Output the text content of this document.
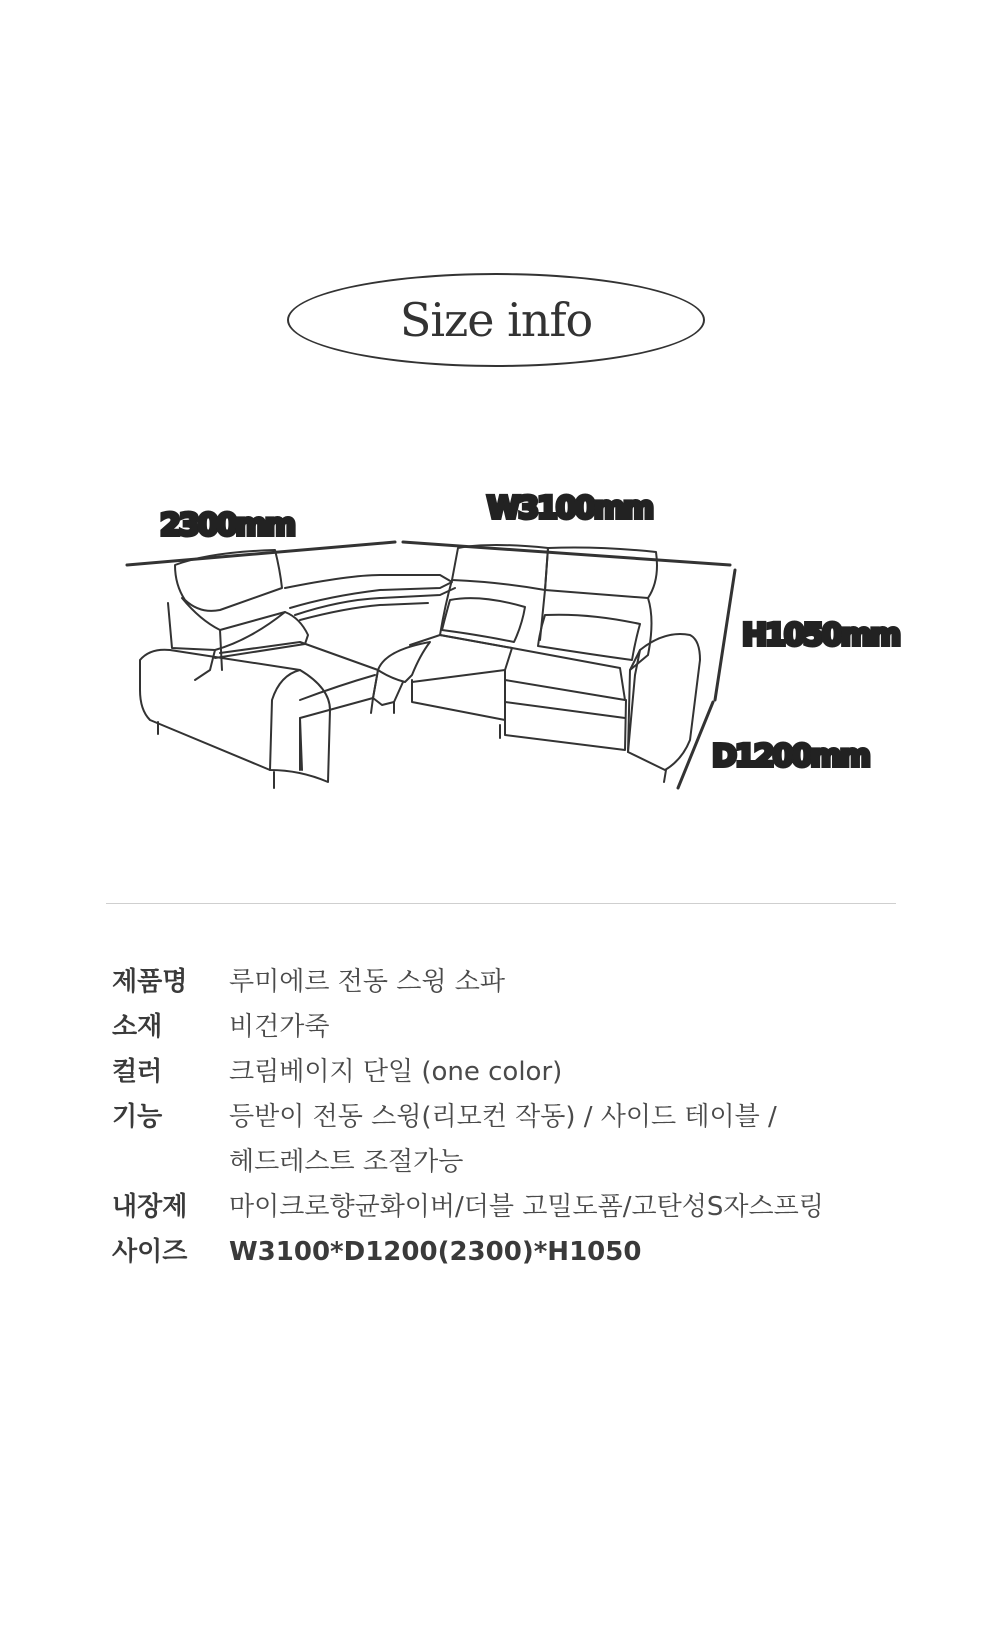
Size info
2300mm	W3100mm
H1050mm
D1200mm
제품명	루미에르 전동 스윙 소파
소재	비건가죽
컬러	크림베이지 단일 (one color)
기능	등받이 전동 스윙(리모컨 작동) / 사이드 테이블 /
헤드레스트 조절가능
내장제	마이크로향균화이버/더블 고밀도폼/고탄성S자스프링
사이즈	W3100*D1200(2300)*H1050
